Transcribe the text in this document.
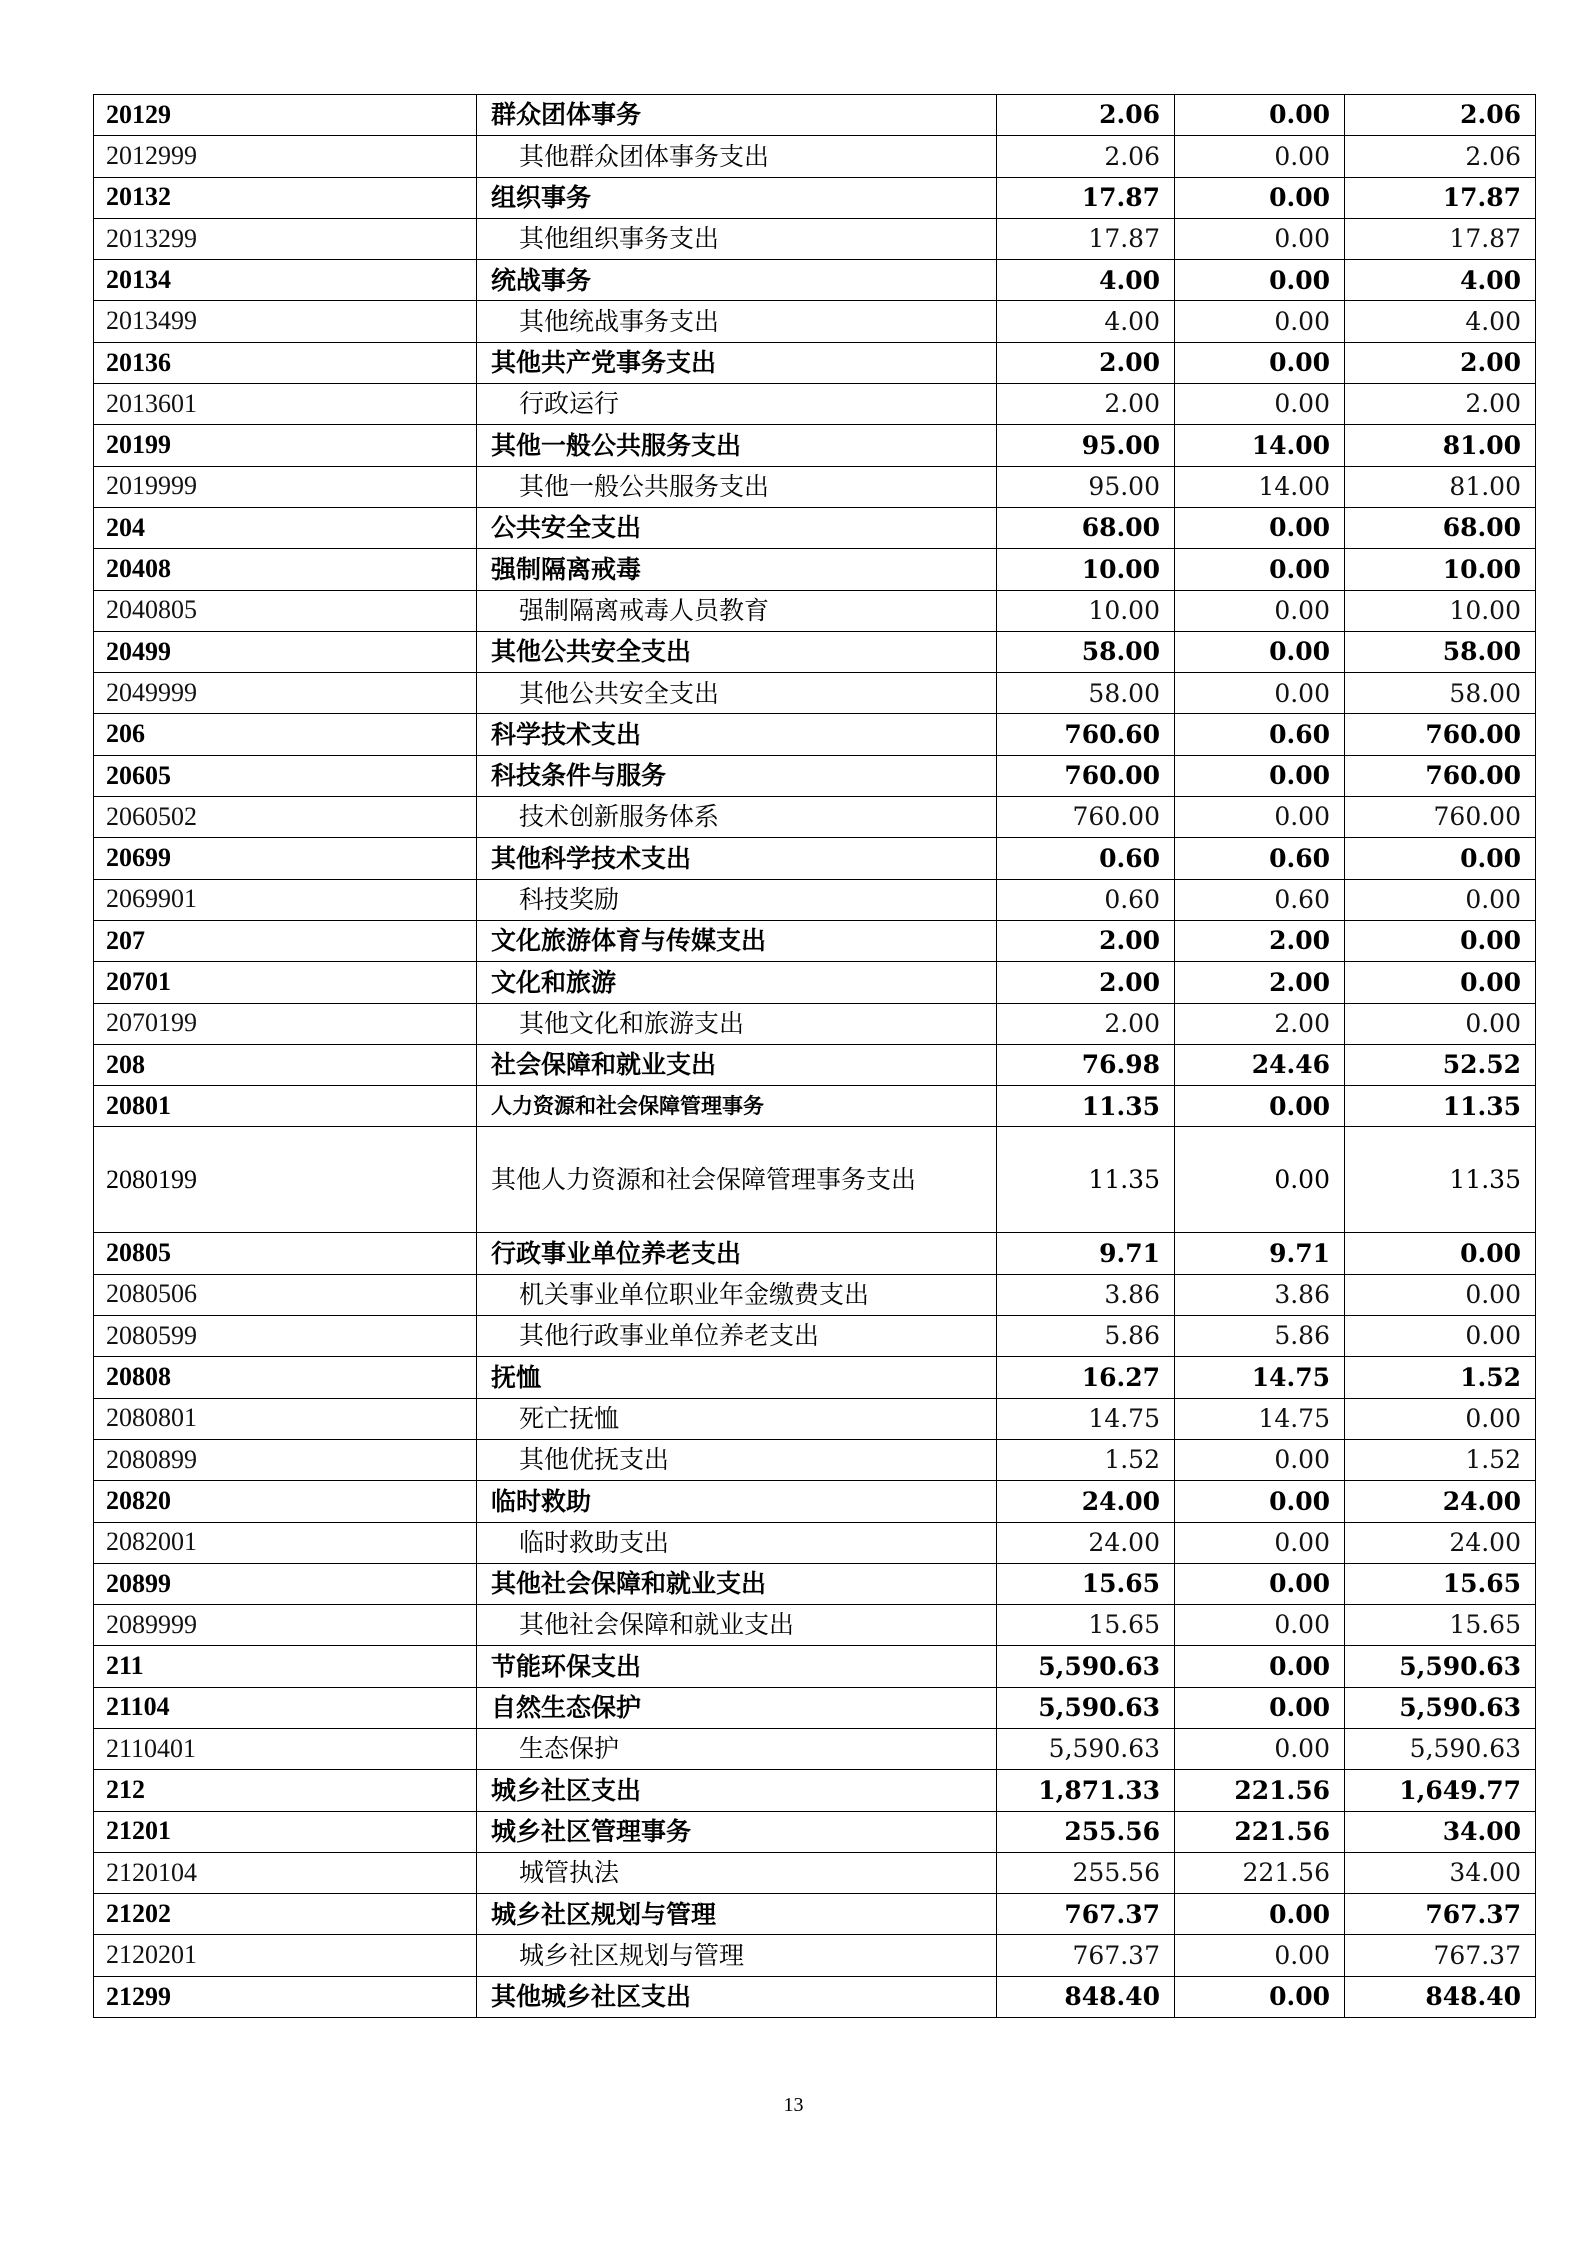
20129	群众团体事务	2.06	0.00	2.06
2012999	其他群众团体事务支出	2.06	0.00	2.06
20132	组织事务	17.87	0.00	17.87
2013299	其他组织事务支出	17.87	0.00	17.87
20134	统战事务	4.00	0.00	4.00
2013499	其他统战事务支出	4.00	0.00	4.00
20136	其他共产党事务支出	2.00	0.00	2.00
2013601	行政运行	2.00	0.00	2.00
20199	其他一般公共服务支出	95.00	14.00	81.00
2019999	其他一般公共服务支出	95.00	14.00	81.00
204	公共安全支出	68.00	0.00	68.00
20408	强制隔离戒毒	10.00	0.00	10.00
2040805	强制隔离戒毒人员教育	10.00	0.00	10.00
20499	其他公共安全支出	58.00	0.00	58.00
2049999	其他公共安全支出	58.00	0.00	58.00
206	科学技术支出	760.60	0.60	760.00
20605	科技条件与服务	760.00	0.00	760.00
2060502	技术创新服务体系	760.00	0.00	760.00
20699	其他科学技术支出	0.60	0.60	0.00
2069901	科技奖励	0.60	0.60	0.00
207	文化旅游体育与传媒支出	2.00	2.00	0.00
20701	文化和旅游	2.00	2.00	0.00
2070199	其他文化和旅游支出	2.00	2.00	0.00
208	社会保障和就业支出	76.98	24.46	52.52
20801	人力资源和社会保障管理事务	11.35	0.00	11.35
2080199	其他人力资源和社会保障管理事务支出	11.35	0.00	11.35
20805	行政事业单位养老支出	9.71	9.71	0.00
2080506	机关事业单位职业年金缴费支出	3.86	3.86	0.00
2080599	其他行政事业单位养老支出	5.86	5.86	0.00
20808	抚恤	16.27	14.75	1.52
2080801	死亡抚恤	14.75	14.75	0.00
2080899	其他优抚支出	1.52	0.00	1.52
20820	临时救助	24.00	0.00	24.00
2082001	临时救助支出	24.00	0.00	24.00
20899	其他社会保障和就业支出	15.65	0.00	15.65
2089999	其他社会保障和就业支出	15.65	0.00	15.65
211	节能环保支出	5,590.63	0.00	5,590.63
21104	自然生态保护	5,590.63	0.00	5,590.63
2110401	生态保护	5,590.63	0.00	5,590.63
212	城乡社区支出	1,871.33	221.56	1,649.77
21201	城乡社区管理事务	255.56	221.56	34.00
2120104	城管执法	255.56	221.56	34.00
21202	城乡社区规划与管理	767.37	0.00	767.37
2120201	城乡社区规划与管理	767.37	0.00	767.37
21299	其他城乡社区支出	848.40	0.00	848.40
13
